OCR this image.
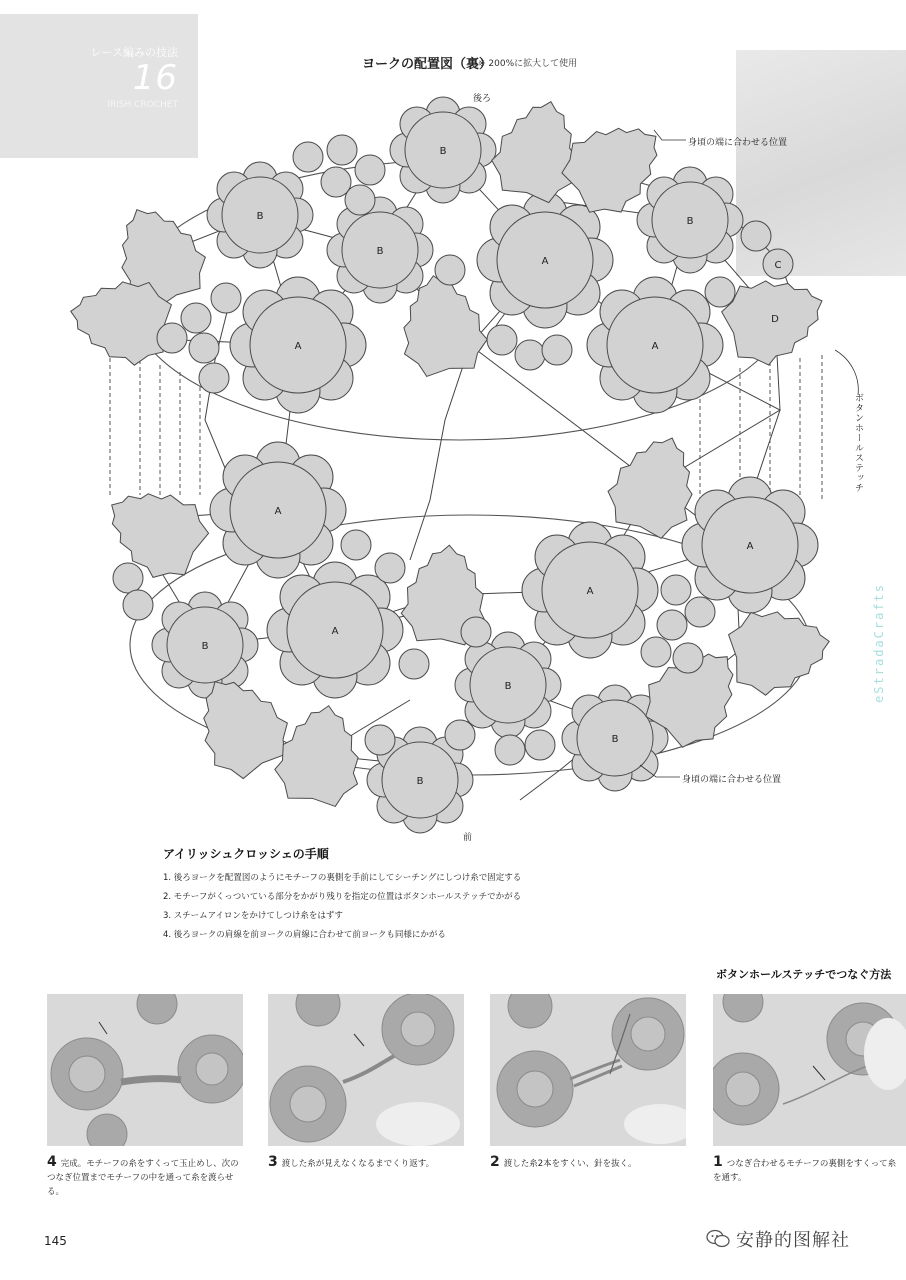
レース編みの技法
16
IRISH CROCHET
A
A
A
B
B
B
B
C
D
A
A
A
A
B
B
B
B
ヨークの配置図（裏）
※ 200%に拡大して使用
後ろ
前
身頃の端に合わせる位置
身頃の端に合わせる位置
ボタンホールステッチ
eStradaCrafts
アイリッシュクロッシェの手順
1. 後ろヨークを配置図のようにモチーフの裏側を手前にしてシーチングにしつけ糸で固定する
2. モチーフがくっついている部分をかがり残りを指定の位置はボタンホールステッチでかがる
3. スチームアイロンをかけてしつけ糸をはずす
4. 後ろヨークの肩線を前ヨークの肩線に合わせて前ヨークも同様にかがる
ボタンホールステッチでつなぐ方法
4 完成。モチーフの糸をすくって玉止めし、次のつなぎ位置までモチーフの中を通って糸を渡らせる。
3 渡した糸が見えなくなるまでくり返す。	2 渡した糸2本をすくい、針を抜く。	1 つなぎ合わせるモチーフの裏側をすくって糸を通す。
145	安静的图解社
